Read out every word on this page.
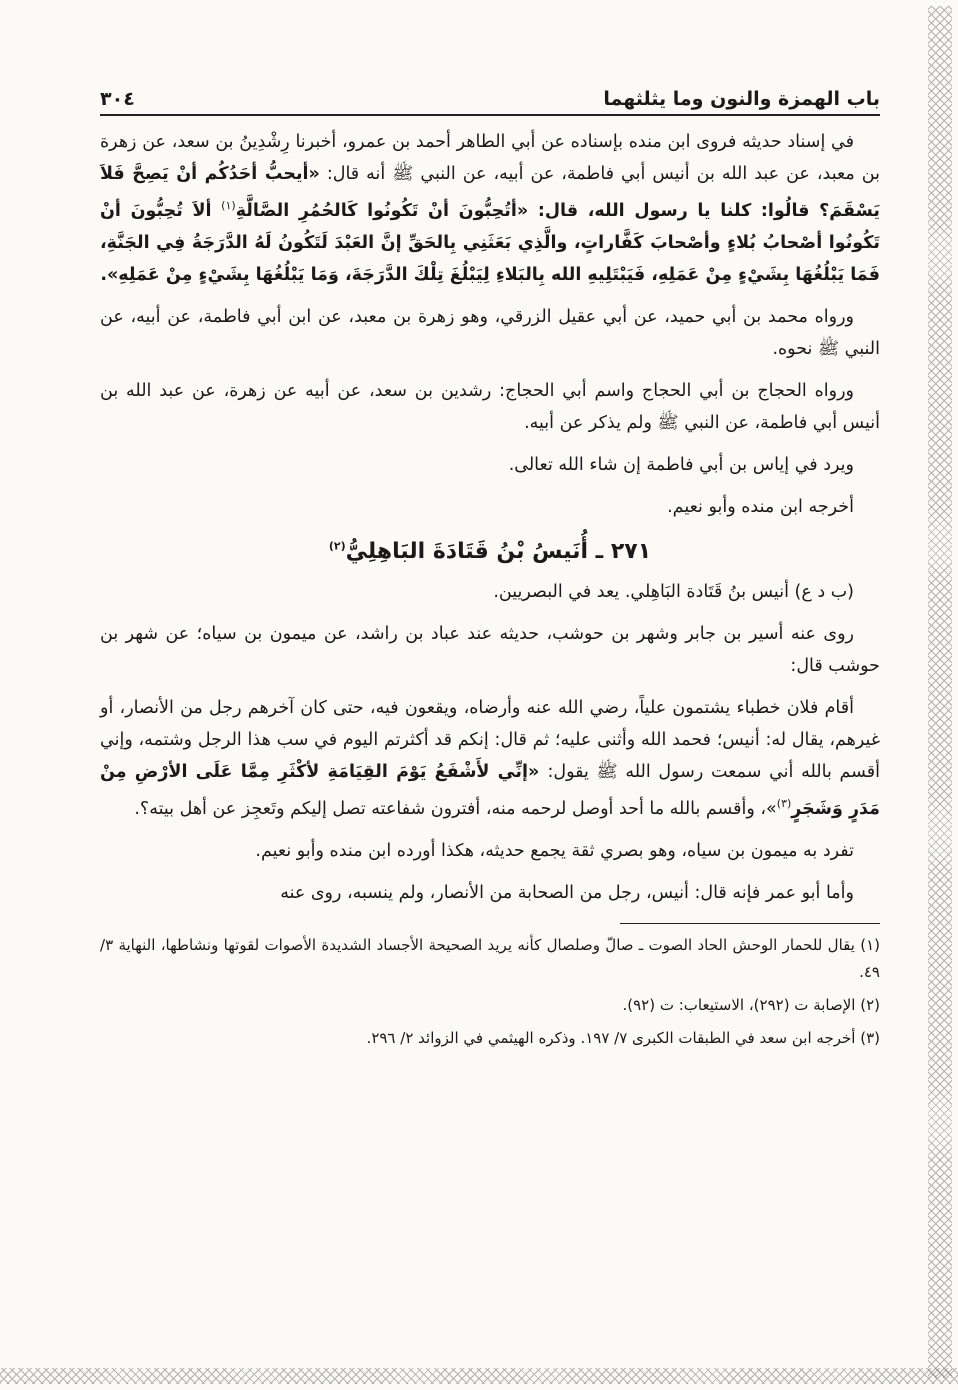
باب الهمزة والنون وما يثلثهما
٣٠٤

في إسناد حديثه فروى ابن منده بإسناده عن أبي الطاهر أحمد بن عمرو، أخبرنا رِشْدِينُ بن سعد، عن زهرة بن معبد، عن عبد الله بن أنيس أبي فاطمة، عن أبيه، عن النبي ﷺ أنه قال: «أيحبُّ أحَدُكُم أنْ يَصِحَّ فَلاَ يَسْقَمَ؟ قالُوا: كلنا يا رسول الله، قال: «أتُحِبُّونَ أنْ تَكُونُوا كَالحُمُرِ الصَّالَّةِ$^{(١)}$ ألاَ تُحِبُّونَ أنْ تَكُونُوا أصْحابُ بُلاءٍ وأصْحابَ كَفَّاراتٍ، والَّذِي بَعَثَنِي بِالحَقِّ إنَّ العَبْدَ لَتَكُونُ لَهُ الدَّرَجَةُ فِي الجَنَّةِ، فَمَا يَبْلُغُهَا بِشَيْءٍ مِنْ عَمَلِهِ، فَيَبْتَلِيهِ الله بِالبَلاءِ لِيَبْلُغَ تِلْكَ الدَّرَجَةَ، وَمَا يَبْلُغُهَا بِشَيْءٍ مِنْ عَمَلِهِ».

ورواه محمد بن أبي حميد، عن أبي عقيل الزرقي، وهو زهرة بن معبد، عن ابن أبي فاطمة، عن أبيه، عن النبي ﷺ نحوه.

ورواه الحجاج بن أبي الحجاج واسم أبي الحجاج: رشدين بن سعد، عن أبيه عن زهرة، عن عبد الله بن أنيس أبي فاطمة، عن النبي ﷺ ولم يذكر عن أبيه.

ويرد في إياس بن أبي فاطمة إن شاء الله تعالى.

أخرجه ابن منده وأبو نعيم.

٢٧١ ـ أُنَيسُ بْنُ قَتَادَةَ البَاهِلِيُّ$^{(٢)}$

(ب د ع) أنيس بنُ قَتَادة البَاهِلي. يعد في البصريين.

روى عنه أسير بن جابر وشهر بن حوشب، حديثه عند عباد بن راشد، عن ميمون بن سياه؛ عن شهر بن حوشب قال:

أقام فلان خطباء يشتمون علياً، رضي الله عنه وأرضاه، ويقعون فيه، حتى كان آخرهم رجل من الأنصار، أو غيرهم، يقال له: أنيس؛ فحمد الله وأثنى عليه؛ ثم قال: إنكم قد أكثرتم اليوم في سب هذا الرجل وشتمه، وإني أقسم بالله أني سمعت رسول الله ﷺ يقول: «إنِّي لأَشْفَعُ يَوْمَ القِيَامَةِ لأكْثَرِ مِمَّا عَلَى الأرْضِ مِنْ مَدَرٍ وَشَجَرٍ$^{(٣)}$»، وأقسم بالله ما أحد أوصل لرحمه منه، أفترون شفاعته تصل إليكم وتَعجِز عن أهل بيته؟.

تفرد به ميمون بن سياه، وهو بصري ثقة يجمع حديثه، هكذا أورده ابن منده وأبو نعيم.

وأما أبو عمر فإنه قال: أنيس، رجل من الصحابة من الأنصار، ولم ينسبه، روى عنه

(١) يقال للحمار الوحش الحاد الصوت ـ صالّ وصلصال كأنه يريد الصحيحة الأجساد الشديدة الأصوات لقوتها ونشاطها، النهاية ٣/ ٤٩.

(٢) الإصابة ت (٢٩٢)، الاستيعاب: ت (٩٢).

(٣) أخرجه ابن سعد في الطبقات الكبرى ٧/ ١٩٧. وذكره الهيثمي في الزوائد ٢/ ٢٩٦.
